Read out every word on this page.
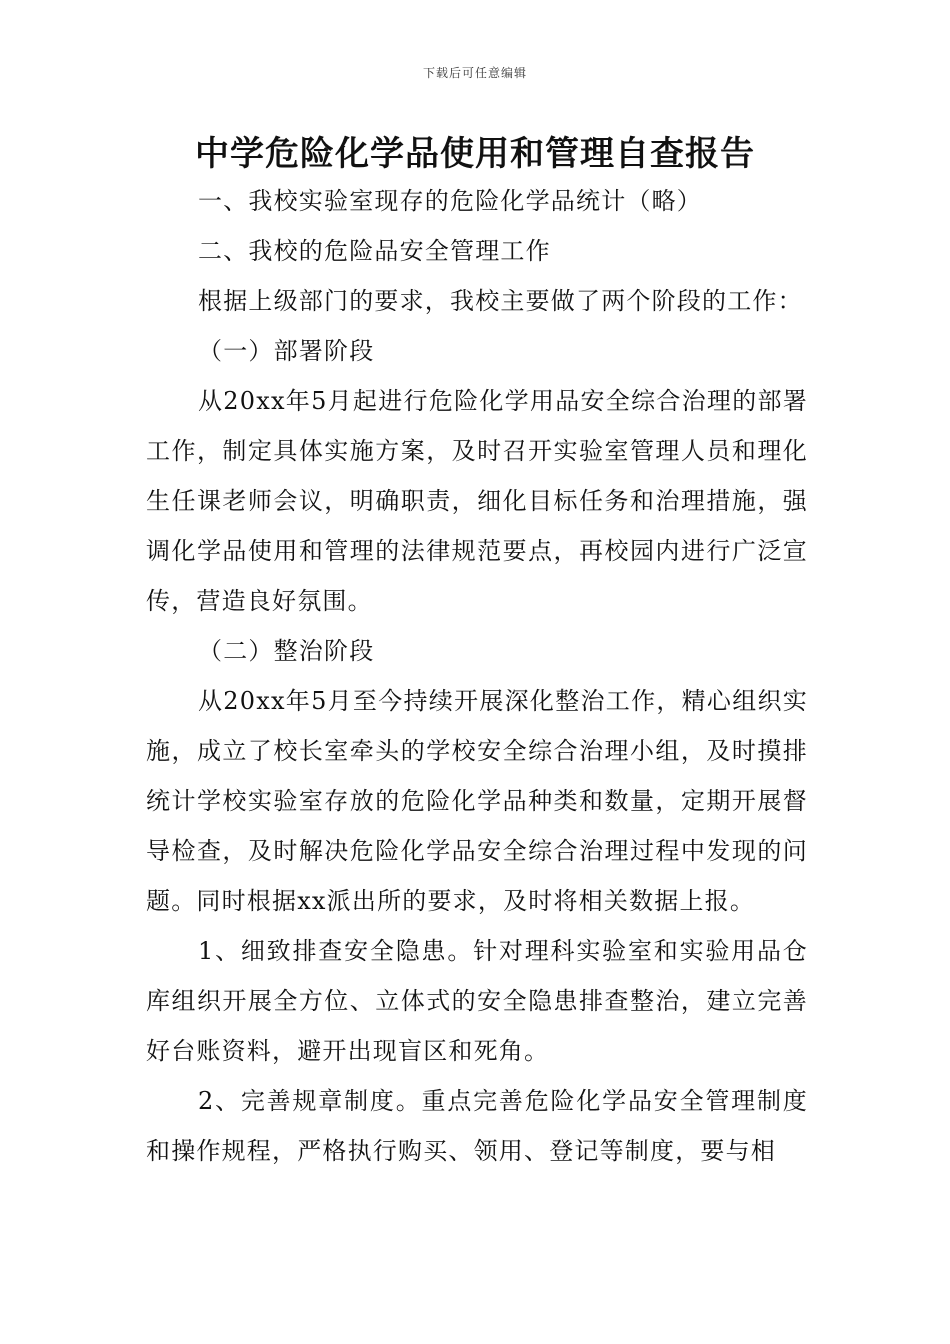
下载后可任意编辑
中学危险化学品使用和管理自查报告

一、我校实验室现存的危险化学品统计（略）

二、我校的危险品安全管理工作

根据上级部门的要求，我校主要做了两个阶段的工作：

（一）部署阶段

从20xx年5月起进行危险化学用品安全综合治理的部署工作，制定具体实施方案，及时召开实验室管理人员和理化生任课老师会议，明确职责，细化目标任务和治理措施，强调化学品使用和管理的法律规范要点，再校园内进行广泛宣传，营造良好氛围。

（二）整治阶段

从20xx年5月至今持续开展深化整治工作，精心组织实施，成立了校长室牵头的学校安全综合治理小组，及时摸排统计学校实验室存放的危险化学品种类和数量，定期开展督导检查，及时解决危险化学品安全综合治理过程中发现的问题。同时根据xx派出所的要求，及时将相关数据上报。

1、细致排查安全隐患。针对理科实验室和实验用品仓库组织开展全方位、立体式的安全隐患排查整治，建立完善好台账资料，避开出现盲区和死角。

2、完善规章制度。重点完善危险化学品安全管理制度和操作规程，严格执行购买、领用、登记等制度，要与相
